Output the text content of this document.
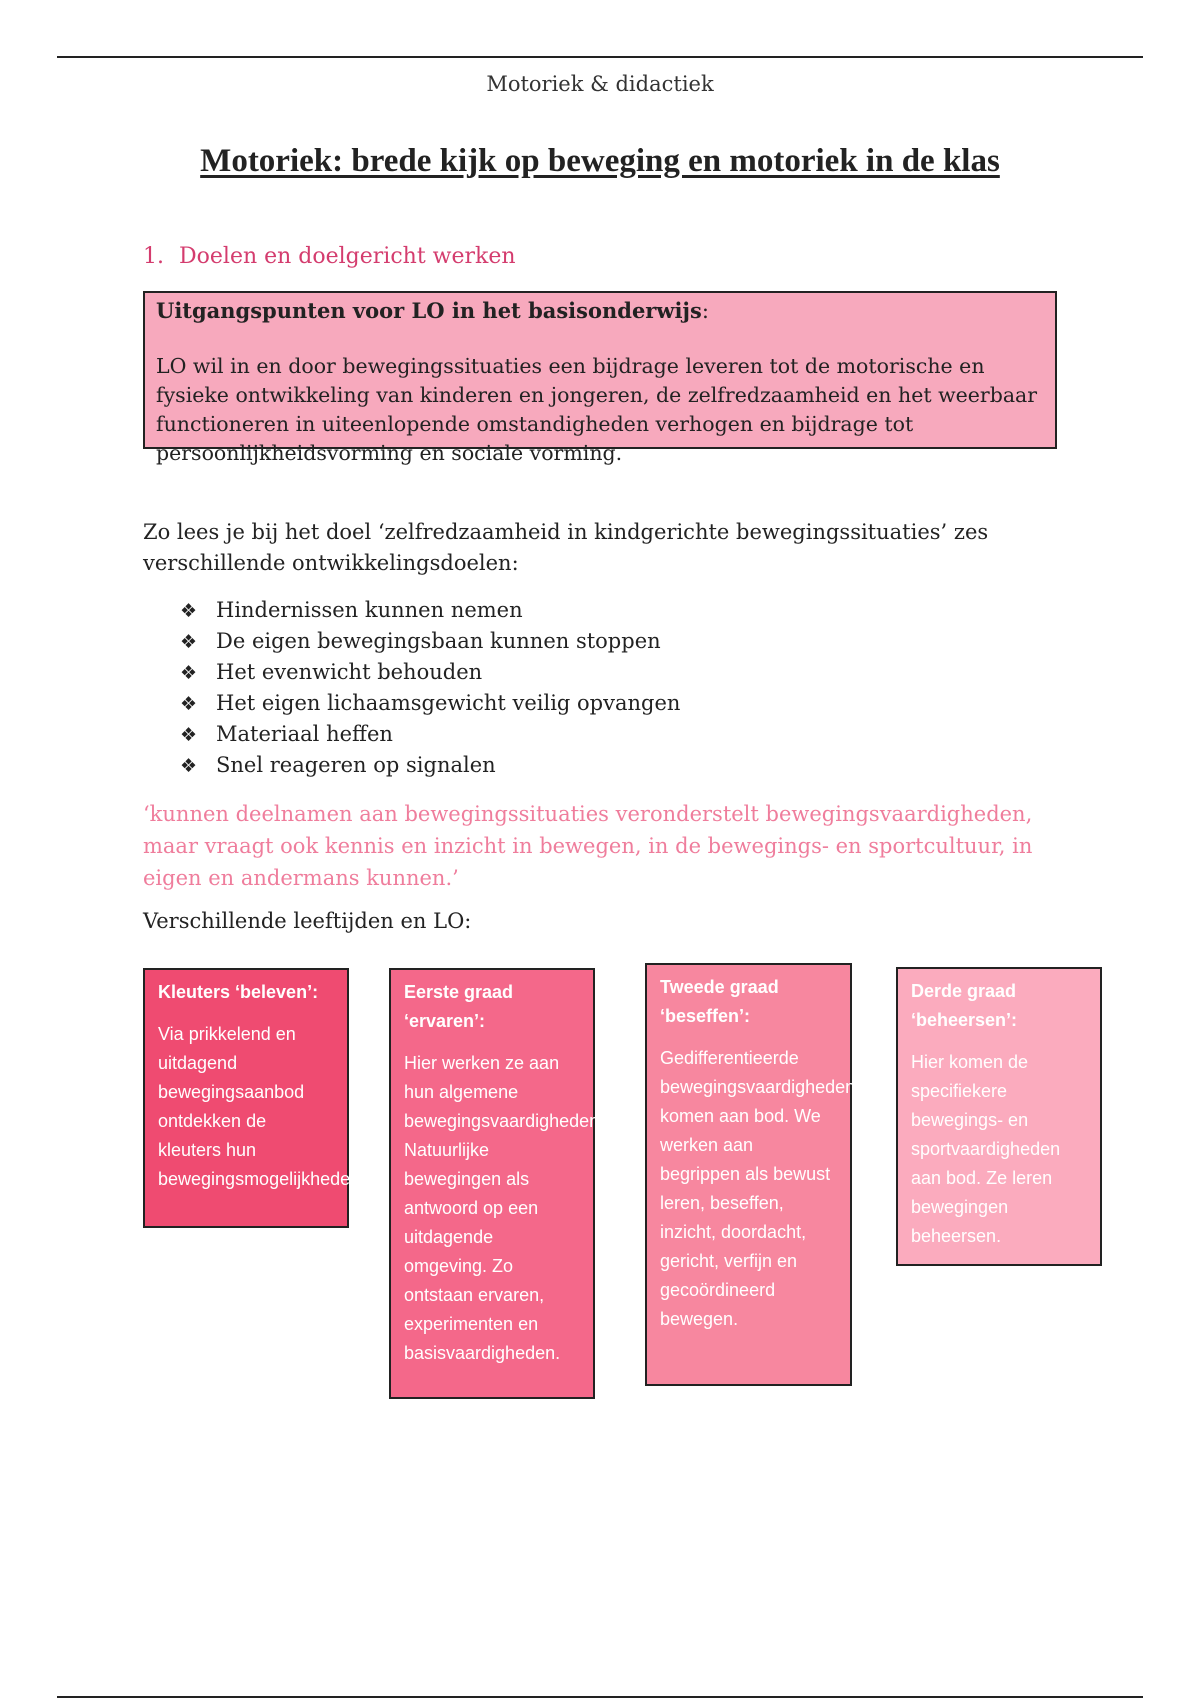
Motoriek & didactiek
Motoriek: brede kijk op beweging en motoriek in de klas
1. Doelen en doelgericht werken
Uitgangspunten voor LO in het basisonderwijs:

LO wil in en door bewegingssituaties een bijdrage leveren tot de motorische en fysieke ontwikkeling van kinderen en jongeren, de zelfredzaamheid en het weerbaar functioneren in uiteenlopende omstandigheden verhogen en bijdrage tot persoonlijkheidsvorming en sociale vorming.

Zo lees je bij het doel ‘zelfredzaamheid in kindgerichte bewegingssituaties’ zes verschillende ontwikkelingsdoelen:
❖ Hindernissen kunnen nemen
❖ De eigen bewegingsbaan kunnen stoppen
❖ Het evenwicht behouden
❖ Het eigen lichaamsgewicht veilig opvangen
❖ Materiaal heffen
❖ Snel reageren op signalen
‘kunnen deelnamen aan bewegingssituaties veronderstelt bewegingsvaardigheden, maar vraagt ook kennis en inzicht in bewegen, in de bewegings- en sportcultuur, in eigen en andermans kunnen.’
Verschillende leeftijden en LO:
Kleuters ‘beleven’:
Via prikkelend en uitdagend bewegingsaanbod ontdekken de kleuters hun bewegingsmogelijkheden.
Eerste graad ‘ervaren’:
Hier werken ze aan hun algemene bewegingsvaardigheden. Natuurlijke bewegingen als antwoord op een uitdagende omgeving. Zo ontstaan ervaren, experimenten en basisvaardigheden.
Tweede graad ‘beseffen’:
Gedifferentieerde bewegingsvaardigheden komen aan bod. We werken aan begrippen als bewust leren, beseffen, inzicht, doordacht, gericht, verfijn en gecoördineerd bewegen.
Derde graad ‘beheersen’:
Hier komen de specifiekere bewegings- en sportvaardigheden aan bod. Ze leren bewegingen beheersen.
